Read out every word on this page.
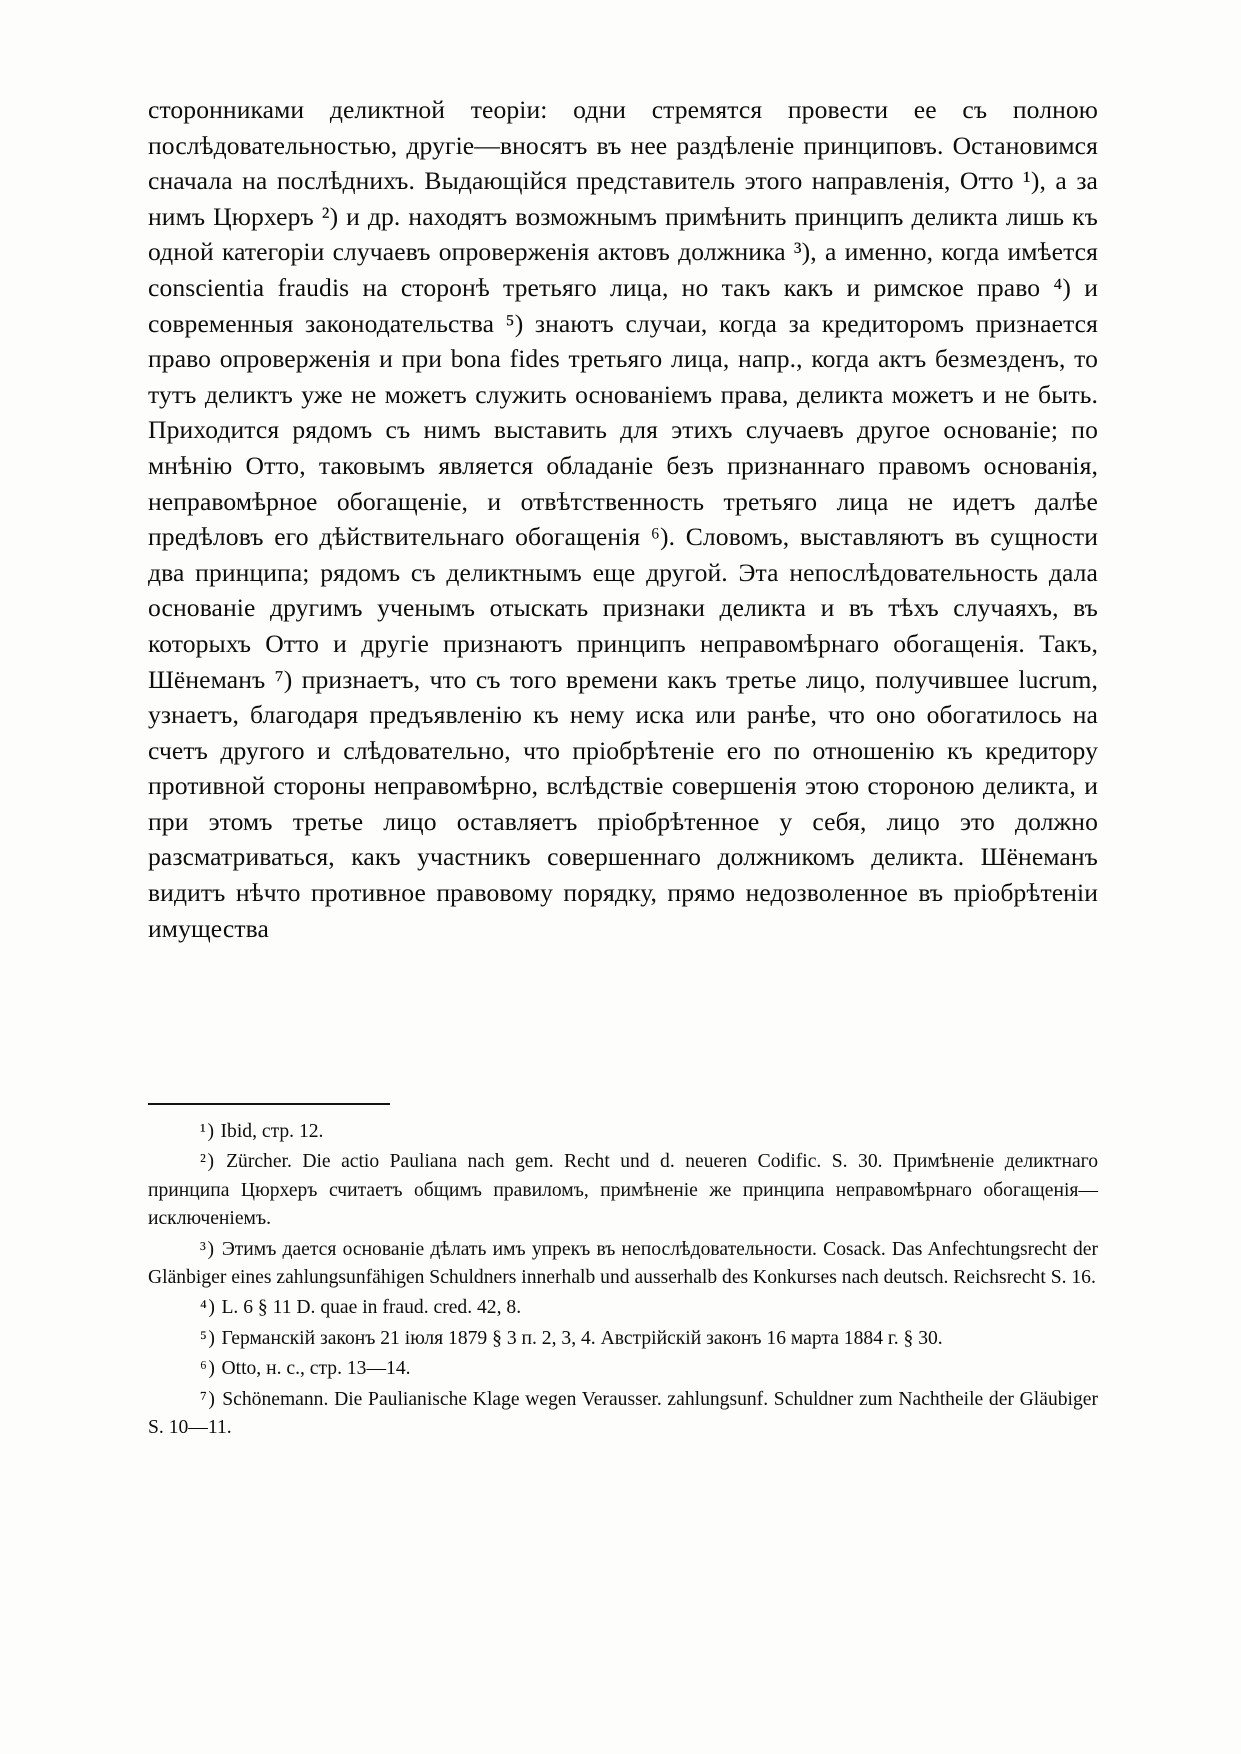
сторонниками деликтной теоріи: одни стремятся провести ее съ полною послѣдовательностью, другіе—вносятъ въ нее раздѣленіе принциповъ. Остановимся сначала на послѣднихъ. Выдающійся представитель этого направленія, Отто ¹), а за нимъ Цюрхеръ ²) и др. находятъ возможнымъ примѣнить принципъ деликта лишь къ одной категоріи случаевъ опроверженія актовъ должника ³), а именно, когда имѣется conscientia fraudis на сторонѣ третьяго лица, но такъ какъ и римское право ⁴) и современныя законодательства ⁵) знаютъ случаи, когда за кредиторомъ признается право опроверженія и при bona fides третьяго лица, напр., когда актъ безмезденъ, то тутъ деликтъ уже не можетъ служить основаніемъ права, деликта можетъ и не быть. Приходится рядомъ съ нимъ выставить для этихъ случаевъ другое основаніе; по мнѣнію Отто, таковымъ является обладаніе безъ признаннаго правомъ основанія, неправомѣрное обогащеніе, и отвѣтственность третьяго лица не идетъ далѣе предѣловъ его дѣйствительнаго обогащенія ⁶). Словомъ, выставляютъ въ сущности два принципа; рядомъ съ деликтнымъ еще другой. Эта непослѣдовательность дала основаніе другимъ ученымъ отыскать признаки деликта и въ тѣхъ случаяхъ, въ которыхъ Отто и другіе признаютъ принципъ неправомѣрнаго обогащенія. Такъ, Шёнеманъ ⁷) признаетъ, что съ того времени какъ третье лицо, получившее lucrum, узнаетъ, благодаря предъявленію къ нему иска или ранѣе, что оно обогатилось на счетъ другого и слѣдовательно, что пріобрѣтеніе его по отношенію къ кредитору противной стороны неправомѣрно, вслѣдствіе совершенія этою стороною деликта, и при этомъ третье лицо оставляетъ пріобрѣтенное у себя, лицо это должно разсматриваться, какъ участникъ совершеннаго должникомъ деликта. Шёнеманъ видитъ нѣчто противное правовому порядку, прямо недозволенное въ пріобрѣтеніи имущества

¹) Ibid, стр. 12.

²) Zürcher. Die actio Pauliana nach gem. Recht und d. neueren Codific. S. 30. Примѣненіе деликтнаго принципа Цюрхеръ считаетъ общимъ правиломъ, примѣненіе же принципа неправомѣрнаго обогащенія—исключеніемъ.

³) Этимъ дается основаніе дѣлать имъ упрекъ въ непослѣдовательности. Cosack. Das Anfechtungsrecht der Glänbiger eines zahlungsunfähigen Schuldners innerhalb und ausserhalb des Konkurses nach deutsch. Reichsrecht S. 16.

⁴) L. 6 § 11 D. quae in fraud. cred. 42, 8.

⁵) Германскій законъ 21 іюля 1879 § 3 п. 2, 3, 4. Австрійскій законъ 16 марта 1884 г. § 30.

⁶) Otto, н. с., стр. 13—14.

⁷) Schönemann. Die Paulianische Klage wegen Verausser. zahlungsunf. Schuldner zum Nachtheile der Gläubiger S. 10—11.
